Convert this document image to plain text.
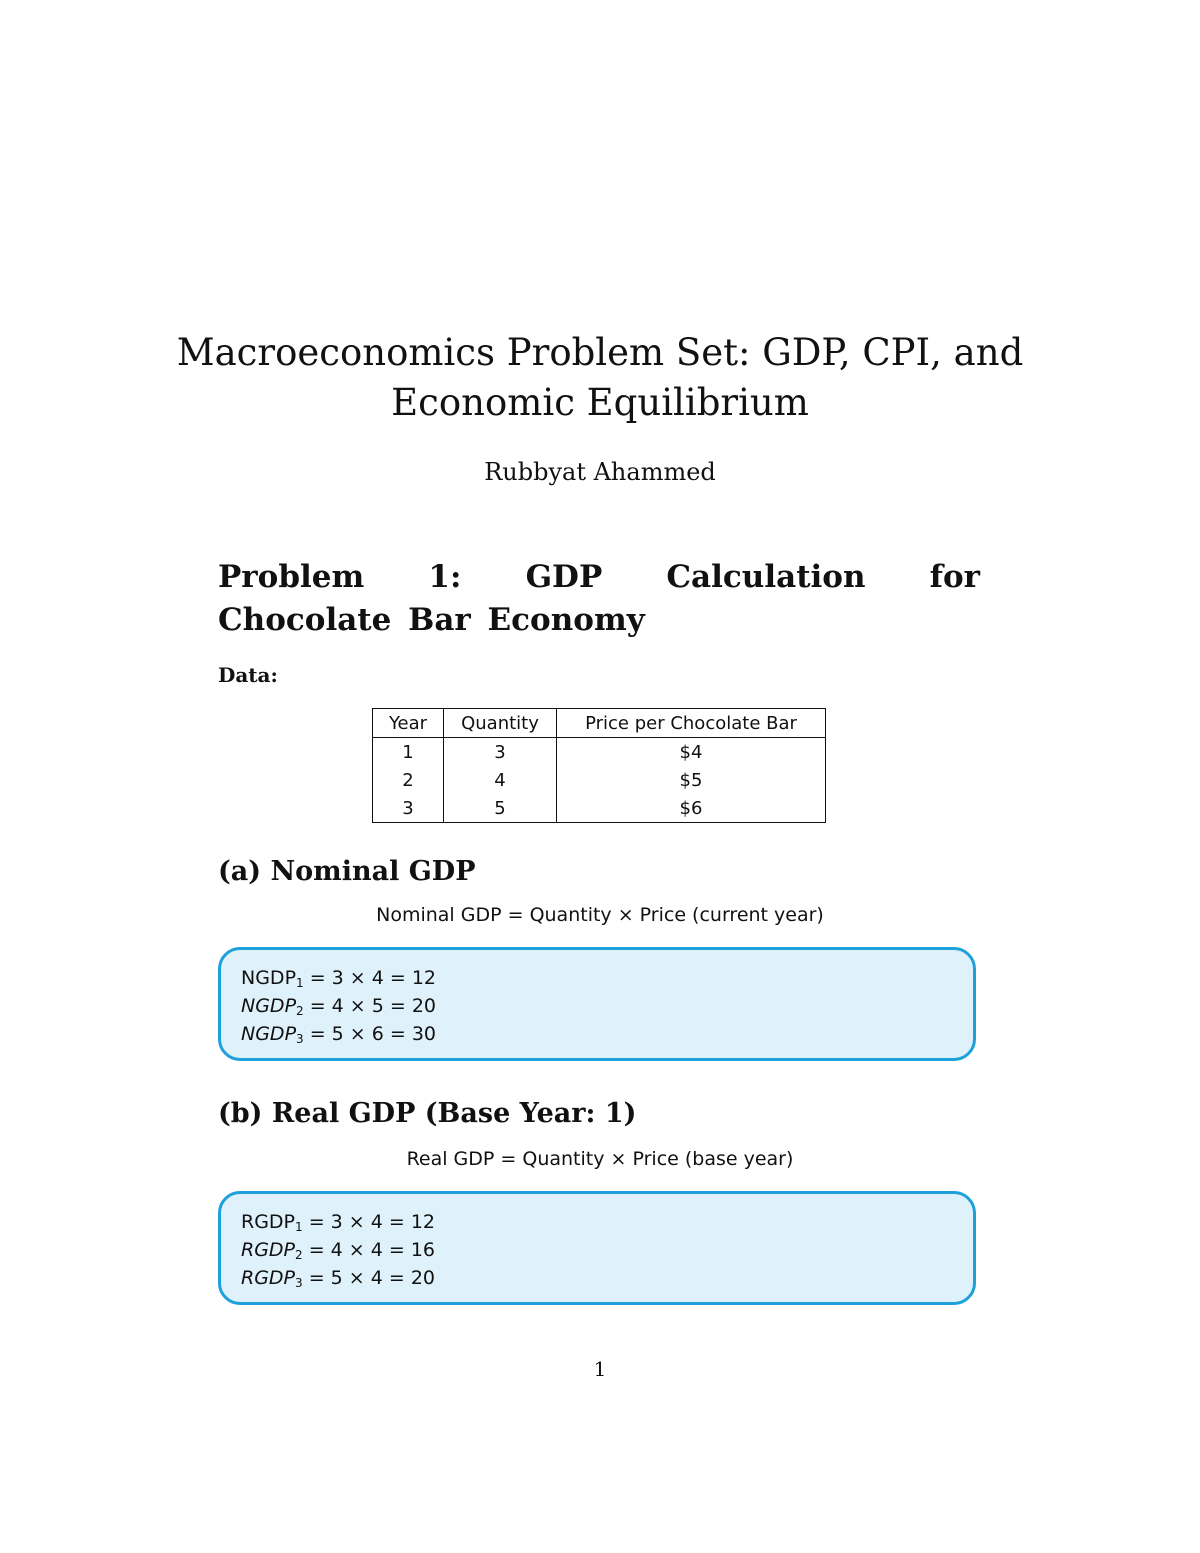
Macroeconomics Problem Set: GDP, CPI, and Economic Equilibrium
Rubbyat Ahammed
Problem 1: GDP Calculation for Chocolate Bar Economy
Data:
Year	Quantity	Price per Chocolate Bar
1	3	$4
2	4	$5
3	5	$6
(a) Nominal GDP
Nominal GDP = Quantity × Price (current year)
$NGDP_1 = 3 \times 4 = 12$
$NGDP_2 = 4 \times 5 = 20$
$NGDP_3 = 5 \times 6 = 30$
(b) Real GDP (Base Year: 1)
Real GDP = Quantity × Price (base year)
$RGDP_1 = 3 \times 4 = 12$
$RGDP_2 = 4 \times 4 = 16$
$RGDP_3 = 5 \times 4 = 20$
1
